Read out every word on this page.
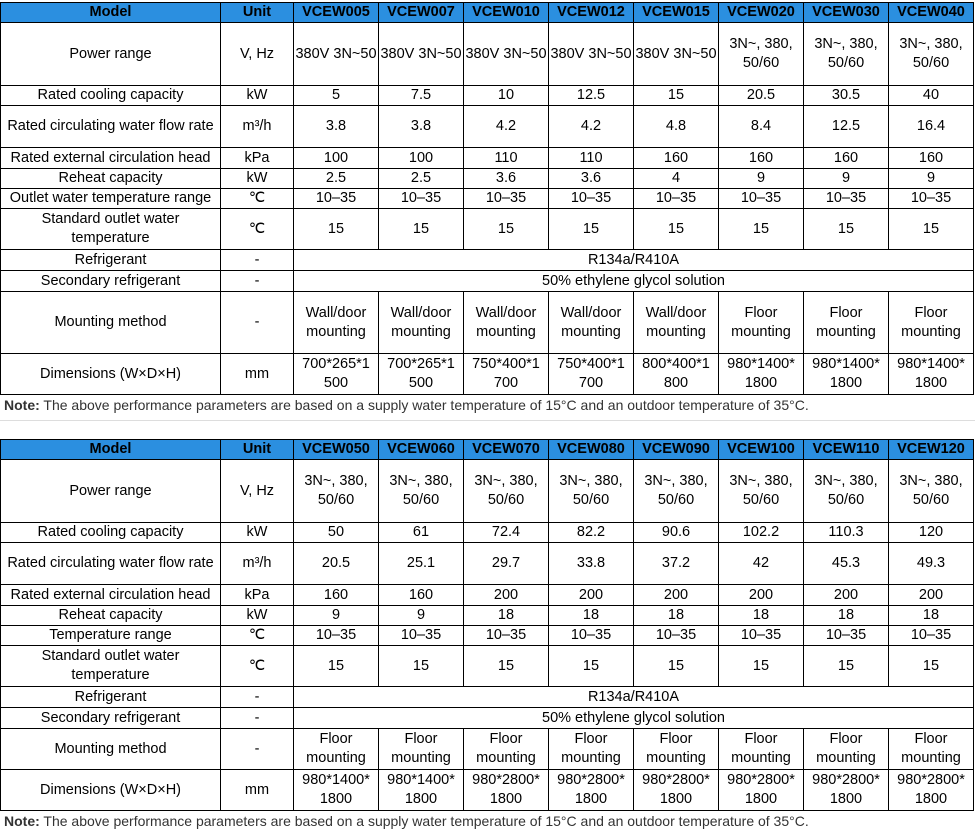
Model	Unit	VCEW005	VCEW007	VCEW010	VCEW012	VCEW015	VCEW020	VCEW030	VCEW040
Power range	V, Hz	380V 3N~50	380V 3N~50	380V 3N~50	380V 3N~50	380V 3N~50	3N~, 380, 50/60	3N~, 380, 50/60	3N~, 380, 50/60
Rated cooling capacity	kW	5	7.5	10	12.5	15	20.5	30.5	40
Rated circulating water flow rate	m³/h	3.8	3.8	4.2	4.2	4.8	8.4	12.5	16.4
Rated external circulation head	kPa	100	100	110	110	160	160	160	160
Reheat capacity	kW	2.5	2.5	3.6	3.6	4	9	9	9
Outlet water temperature range	℃	10–35	10–35	10–35	10–35	10–35	10–35	10–35	10–35
Standard outlet water temperature	℃	15	15	15	15	15	15	15	15
Refrigerant	-	R134a/R410A							
Secondary refrigerant	-	50% ethylene glycol solution							
Mounting method	-	Wall/door mounting	Wall/door mounting	Wall/door mounting	Wall/door mounting	Wall/door mounting	Floor mounting	Floor mounting	Floor mounting
Dimensions (W×D×H)	mm	700*265*1 500	700*265*1 500	750*400*1 700	750*400*1 700	800*400*1 800	980*1400* 1800	980*1400* 1800	980*1400* 1800
Note: The above performance parameters are based on a supply water temperature of 15°C and an outdoor temperature of 35°C.
Model	Unit	VCEW050	VCEW060	VCEW070	VCEW080	VCEW090	VCEW100	VCEW110	VCEW120
Power range	V, Hz	3N~, 380, 50/60	3N~, 380, 50/60	3N~, 380, 50/60	3N~, 380, 50/60	3N~, 380, 50/60	3N~, 380, 50/60	3N~, 380, 50/60	3N~, 380, 50/60
Rated cooling capacity	kW	50	61	72.4	82.2	90.6	102.2	110.3	120
Rated circulating water flow rate	m³/h	20.5	25.1	29.7	33.8	37.2	42	45.3	49.3
Rated external circulation head	kPa	160	160	200	200	200	200	200	200
Reheat capacity	kW	9	9	18	18	18	18	18	18
Temperature range	℃	10–35	10–35	10–35	10–35	10–35	10–35	10–35	10–35
Standard outlet water temperature	℃	15	15	15	15	15	15	15	15
Refrigerant	-	R134a/R410A							
Secondary refrigerant	-	50% ethylene glycol solution							
Mounting method	-	Floor mounting	Floor mounting	Floor mounting	Floor mounting	Floor mounting	Floor mounting	Floor mounting	Floor mounting
Dimensions (W×D×H)	mm	980*1400* 1800	980*1400* 1800	980*2800* 1800	980*2800* 1800	980*2800* 1800	980*2800* 1800	980*2800* 1800	980*2800* 1800
Note: The above performance parameters are based on a supply water temperature of 15°C and an outdoor temperature of 35°C.
